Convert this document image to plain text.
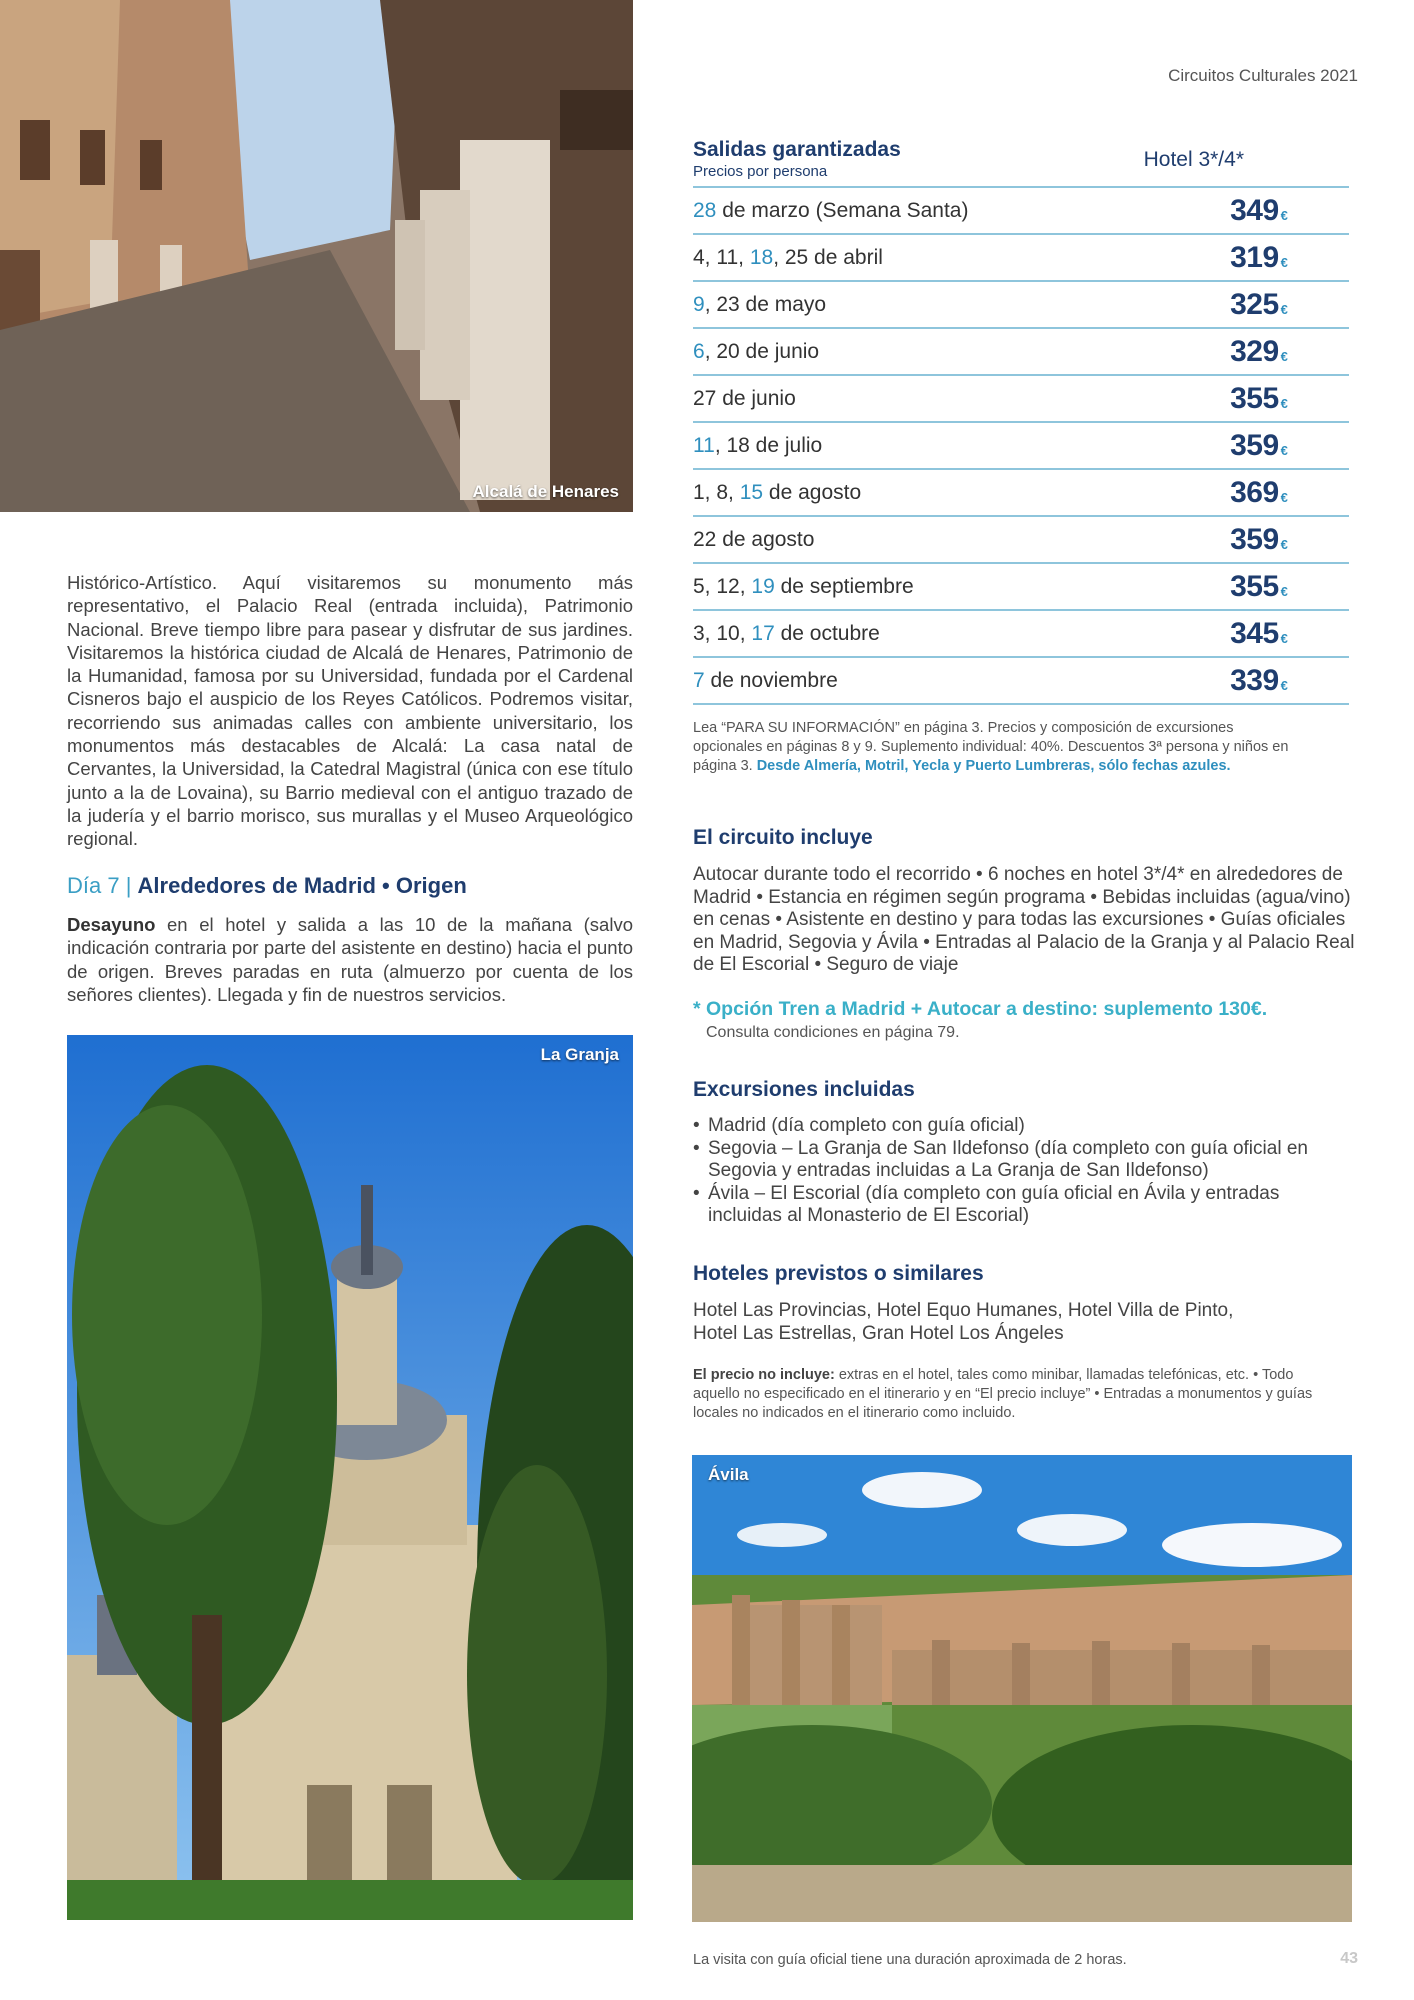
Circuitos Culturales 2021
Alcalá de Henares
Histórico-Artístico. Aquí visitaremos su monumento más representativo, el Palacio Real (entrada incluida), Patrimonio Nacional. Breve tiempo libre para pasear y disfrutar de sus jardines. Visitaremos la histórica ciudad de Alcalá de Henares, Patrimonio de la Humanidad, famosa por su Universidad, fundada por el Cardenal Cisneros bajo el auspicio de los Reyes Católicos. Podremos visitar, recorriendo sus animadas calles con ambiente universitario, los monumentos más destacables de Alcalá: La casa natal de Cervantes, la Universidad, la Catedral Magistral (única con ese título junto a la de Lovaina), su Barrio medieval con el antiguo trazado de la judería y el barrio morisco, sus murallas y el Museo Arqueológico regional.
Día 7 | Alrededores de Madrid • Origen
Desayuno en el hotel y salida a las 10 de la mañana (salvo indicación contraria por parte del asistente en destino) hacia el punto de origen. Breves paradas en ruta (almuerzo por cuenta de los señores clientes). Llegada y fin de nuestros servicios.
La Granja
Salidas garantizadas
Precios por persona
Hotel 3*/4*
28 de marzo (Semana Santa)	349 €
4, 11, 18, 25 de abril	319 €
9, 23 de mayo	325 €
6, 20 de junio	329 €
27 de junio	355 €
11, 18 de julio	359 €
1, 8, 15 de agosto	369 €
22 de agosto	359 €
5, 12, 19 de septiembre	355 €
3, 10, 17 de octubre	345 €
7 de noviembre	339 €
Lea “PARA SU INFORMACIÓN” en página 3. Precios y composición de excursiones opcionales en páginas 8 y 9. Suplemento individual: 40%. Descuentos 3ª persona y niños en página 3. Desde Almería, Motril, Yecla y Puerto Lumbreras, sólo fechas azules.
El circuito incluye
Autocar durante todo el recorrido • 6 noches en hotel 3*/4* en alrededores de Madrid • Estancia en régimen según programa • Bebidas incluidas (agua/vino) en cenas • Asistente en destino y para todas las excursiones • Guías oficiales en Madrid, Segovia y Ávila • Entradas al Palacio de la Granja y al Palacio Real de El Escorial • Seguro de viaje
* Opción Tren a Madrid + Autocar a destino: suplemento 130€.
Consulta condiciones en página 79.
Excursiones incluidas
• Madrid (día completo con guía oficial)
• Segovia – La Granja de San Ildefonso (día completo con guía oficial en Segovia y entradas incluidas a La Granja de San Ildefonso)
• Ávila – El Escorial (día completo con guía oficial en Ávila y entradas incluidas al Monasterio de El Escorial)
Hoteles previstos o similares
Hotel Las Provincias, Hotel Equo Humanes, Hotel Villa de Pinto, Hotel Las Estrellas, Gran Hotel Los Ángeles
El precio no incluye: extras en el hotel, tales como minibar, llamadas telefónicas, etc. • Todo aquello no especificado en el itinerario y en “El precio incluye” • Entradas a monumentos y guías locales no indicados en el itinerario como incluido.
Ávila
La visita con guía oficial tiene una duración aproximada de 2 horas.	43
